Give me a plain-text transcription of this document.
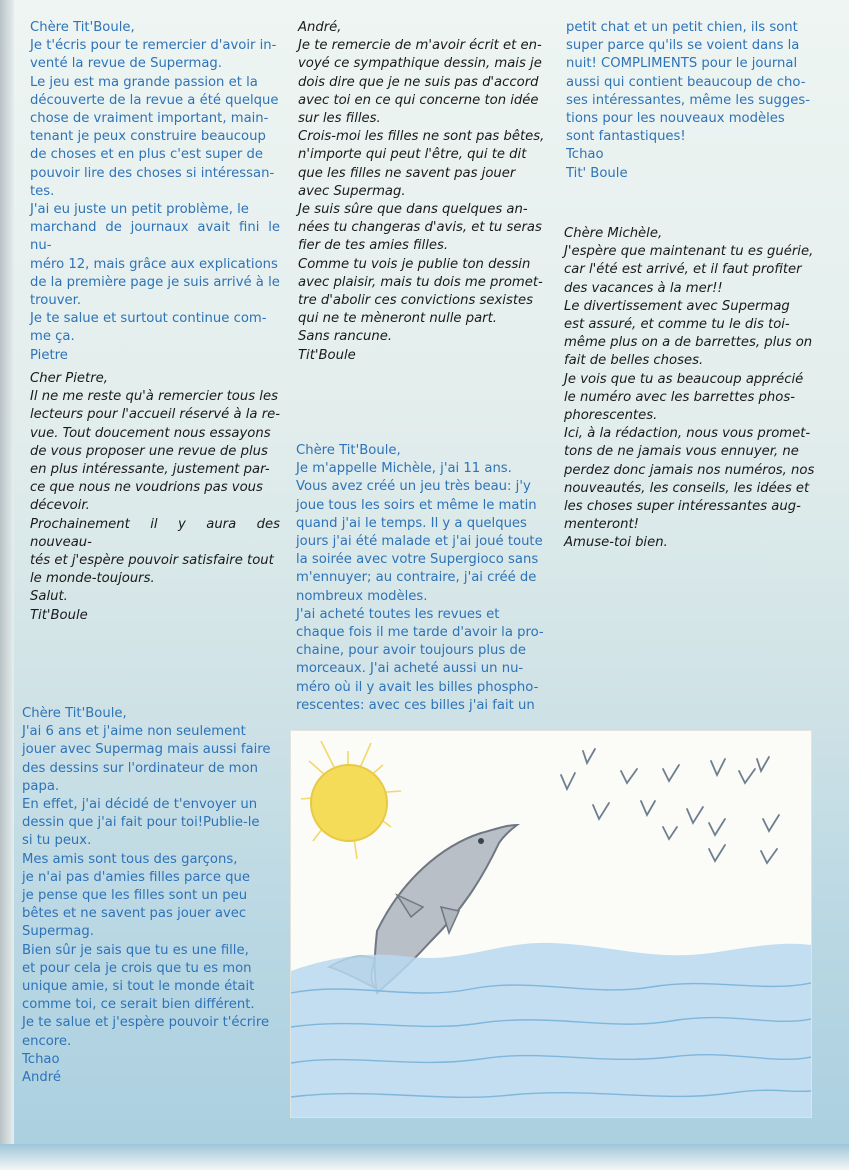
Chère Tit'Boule,

Je t'écris pour te remercier d'avoir in-

venté la revue de Supermag.

Le jeu est ma grande passion et la

découverte de la revue a été quelque

chose de vraiment important, main-

tenant je peux construire beaucoup

de choses et en plus c'est super de

pouvoir lire des choses si intéressan-

tes.

J'ai eu juste un petit problème, le

marchand de journaux avait fini le nu-

méro 12, mais grâce aux explications

de la première page je suis arrivé à le

trouver.

Je te salue et surtout continue com-

me ça.

Pietre

Cher Pietre,

Il ne me reste qu'à remercier tous les

lecteurs pour l'accueil réservé à la re-

vue. Tout doucement nous essayons

de vous proposer une revue de plus

en plus intéressante, justement par-

ce que nous ne voudrions pas vous

décevoir.

Prochainement il y aura des nouveau-

tés et j'espère pouvoir satisfaire tout

le monde-toujours.

Salut.

Tit'Boule

André,

Je te remercie de m'avoir écrit et en-

voyé ce sympathique dessin, mais je

dois dire que je ne suis pas d'accord

avec toi en ce qui concerne ton idée

sur les filles.

Crois-moi les filles ne sont pas bêtes,

n'importe qui peut l'être, qui te dit

que les filles ne savent pas jouer

avec Supermag.

Je suis sûre que dans quelques an-

nées tu changeras d'avis, et tu seras

fier de tes amies filles.

Comme tu vois je publie ton dessin

avec plaisir, mais tu dois me promet-

tre d'abolir ces convictions sexistes

qui ne te mèneront nulle part.

Sans rancune.

Tit'Boule

Chère Tit'Boule,

Je m'appelle Michèle, j'ai 11 ans.

Vous avez créé un jeu très beau: j'y

joue tous les soirs et même le matin

quand j'ai le temps. Il y a quelques

jours j'ai été malade et j'ai joué toute

la soirée avec votre Supergioco sans

m'ennuyer; au contraire, j'ai créé de

nombreux modèles.

J'ai acheté toutes les revues et

chaque fois il me tarde d'avoir la pro-

chaine, pour avoir toujours plus de

morceaux. J'ai acheté aussi un nu-

méro où il y avait les billes phospho-

rescentes: avec ces billes j'ai fait un

petit chat et un petit chien, ils sont

super parce qu'ils se voient dans la

nuit! COMPLIMENTS pour le journal

aussi qui contient beaucoup de cho-

ses intéressantes, même les sugges-

tions pour les nouveaux modèles

sont fantastiques!

Tchao

Tit' Boule

Chère Michèle,

J'espère que maintenant tu es guérie,

car l'été est arrivé, et il faut profiter

des vacances à la mer!!

Le divertissement avec Supermag

est assuré, et comme tu le dis toi-

même plus on a de barrettes, plus on

fait de belles choses.

Je vois que tu as beaucoup apprécié

le numéro avec les barrettes phos-

phorescentes.

Ici, à la rédaction, nous vous promet-

tons de ne jamais vous ennuyer, ne

perdez donc jamais nos numéros, nos

nouveautés, les conseils, les idées et

les choses super intéressantes aug-

menteront!

Amuse-toi bien.

Chère Tit'Boule,

J'ai 6 ans et j'aime non seulement

jouer avec Supermag mais aussi faire

des dessins sur l'ordinateur de mon

papa.

En effet, j'ai décidé de t'envoyer un

dessin que j'ai fait pour toi!Publie-le

si tu peux.

Mes amis sont tous des garçons,

je n'ai pas d'amies filles parce que

je pense que les filles sont un peu

bêtes et ne savent pas jouer avec

Supermag.

Bien sûr je sais que tu es une fille,

et pour cela je crois que tu es mon

unique amie, si tout le monde était

comme toi, ce serait bien différent.

Je te salue et j'espère pouvoir t'écrire

encore.

Tchao

André
